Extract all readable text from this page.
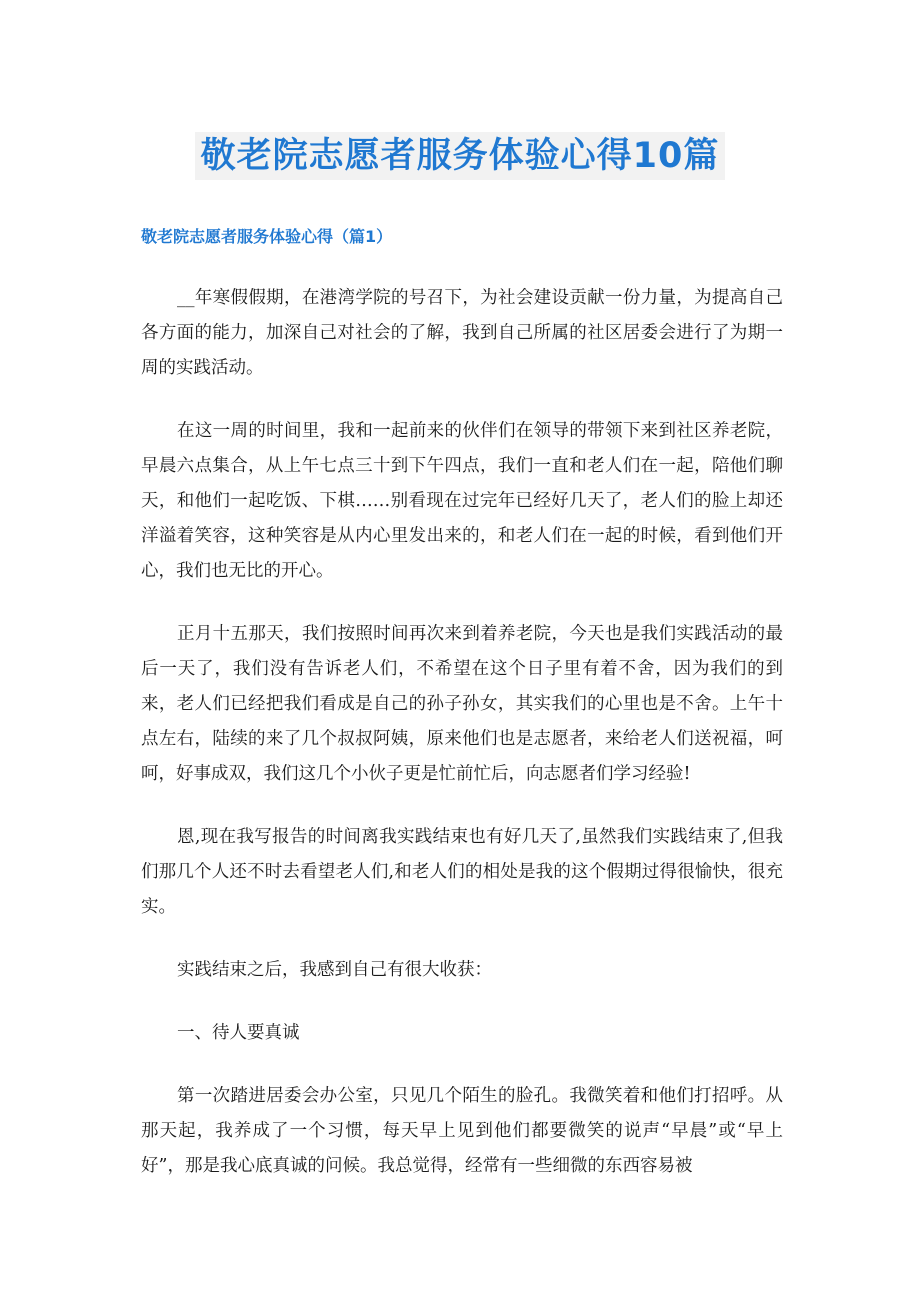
敬老院志愿者服务体验心得10篇
敬老院志愿者服务体验心得（篇1）

__年寒假假期，在港湾学院的号召下，为社会建设贡献一份力量，为提高自己各方面的能力，加深自己对社会的了解，我到自己所属的社区居委会进行了为期一周的实践活动。

在这一周的时间里，我和一起前来的伙伴们在领导的带领下来到社区养老院，早晨六点集合，从上午七点三十到下午四点，我们一直和老人们在一起，陪他们聊天，和他们一起吃饭、下棋……别看现在过完年已经好几天了，老人们的脸上却还洋溢着笑容，这种笑容是从内心里发出来的，和老人们在一起的时候，看到他们开心，我们也无比的开心。

正月十五那天，我们按照时间再次来到着养老院，今天也是我们实践活动的最后一天了，我们没有告诉老人们，不希望在这个日子里有着不舍，因为我们的到来，老人们已经把我们看成是自己的孙子孙女，其实我们的心里也是不舍。上午十点左右，陆续的来了几个叔叔阿姨，原来他们也是志愿者，来给老人们送祝福，呵呵，好事成双，我们这几个小伙子更是忙前忙后，向志愿者们学习经验!

恩,现在我写报告的时间离我实践结束也有好几天了,虽然我们实践结束了,但我们那几个人还不时去看望老人们,和老人们的相处是我的这个假期过得很愉快，很充实。

实践结束之后，我感到自己有很大收获：

一、待人要真诚

第一次踏进居委会办公室，只见几个陌生的脸孔。我微笑着和他们打招呼。从那天起，我养成了一个习惯，每天早上见到他们都要微笑的说声“早晨”或“早上好”，那是我心底真诚的问候。我总觉得，经常有一些细微的东西容易被
